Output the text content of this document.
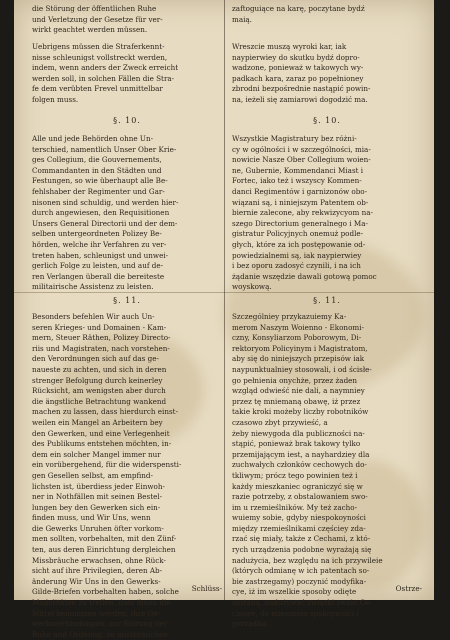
die Störung der öffentlichen Ruhe
und Verletzung der Gesetze für ver-
wirkt geachtet werden müssen.

Uebrigens müssen die Straferkennt-
nisse schleunigst vollstreckt werden,
indem, wenn anders der Zweck erreicht
werden soll, in solchen Fällen die Stra-
fe dem verübten Frevel unmittelbar
folgen muss.

§. 10.

Alle und jede Behörden ohne Un-
terschied, namentlich Unser Ober Krie-
ges Collegium, die Gouvernements,
Commandanten in den Städten und
Festungen, so wie überhaupt alle Be-
fehlshaber der Regimenter und Gar-
nisonen sind schuldig, und werden hier-
durch angewiesen, den Requisitionen
Unsers General Directorii und der dem-
selben untergeordneten Polizey Be-
hörden, welche ihr Verfahren zu ver-
treten haben, schleunigst und unwei-
gerlich Folge zu leisten, und auf de-
ren Verlangen überall die bereiteste
militairische Assistenz zu leisten.

§. 11.

Besonders befehlen Wir auch Un-
seren Krieges- und Domainen - Kam-
mern, Steuer Räthen, Polizey Directo-
riis und Magistraten, nach vorstehen-
den Verordnungen sich auf das ge-
naueste zu achten, und sich in deren
strenger Befolgung durch keinerley
Rücksicht, am wenigsten aber durch
die ängstliche Betrachtung wankend
machen zu lassen, dass hierdurch einst-
weilen ein Mangel an Arbeitern bey
den Gewerken, und eine Verlegenheit
des Publikums entstehen möchten, in-
dem ein solcher Mangel immer nur
ein vorübergehend, für die widerspensti-
gen Gesellen selbst, am empfind-
lichsten ist, überdiess jeder Einwoh-
ner in Nothfällen mit seinen Bestel-
lungen bey den Gewerken sich ein-
finden muss, und Wir Uns, wenn
die Gewerks Unruhen öfter vorkom-
men sollten, vorbehalten, mit den Zünf-
ten, aus deren Einrichtung dergleichen
Missbräuche erwachsen, ohne Rück-
sicht auf ihre Privilegien, deren Ab-
änderung Wir Uns in den Gewerks-
Gilde-Briefen vorbehalten haben, solche
Modalitäten zu treffen, dass ihnen die
Mittel benommen werden, ihre Ge-
werksverbindungen, zur Störung der
Ruhe und Ordnung, zu missbrauchen.

Schlüss-

zaftoguiące na karę, poczytane bydź
maią.

Wreszcie muszą wyroki kar, iak
naypierwiey do skutku bydź dopro-
wadzone, ponieważ w takowych wy-
padkach kara, zaraz po popełnioney
zbrodni bezpośrednie nastąpić powin-
na, ieżeli się zamiarowi dogodzić ma.

§. 10.

Wszystkie Magistratury bez różni-
cy w ogólności i w szczególności, mia-
nowicie Nasze Ober Collegium woien-
ne, Gubernie, Kommendanci Miast i
Fortec, iako też i wszyscy Kommen-
danci Regimentów i garnizonów obo-
wiązani są, i niniejszym Patentem ob-
biernie zalecone, aby rekwizycyom na-
szego Directorium generalnego i Ma-
gistratur Policyjnych onemuż podle-
głych, które za ich postępowanie od-
powiedzialnemi są, iak naypierwiey
i bez oporu zadosyć czynili, i na ich
żądanie wszędzie dawali gotową pomoc
woyskową.

§. 11.

Szczególniey przykazuiemy Ka-
merom Naszym Woienno - Ekonomi-
czny, Konsyliarzom Poborowym, Di-
rektoryom Policyinym i Magistratom,
aby się do niniejszych przepisów iak
naypunktualniey stosowali, i od ścisłe-
go pełnienia onychże, przez żaden
wzgląd odwieść nie dali, a naymniey
przez tę mniemaną obawę, iż przez
takie kroki możeby liczby robotników
czasowo zbyt przywieść, a
żeby niewygoda dla publiczności na-
stąpić, ponieważ brak takowy tylko
przemijającym iest, a nayhardziey dla
zuchwałych członków cechowych do-
tkliwym; prócz tego powinien też i
każdy mieszkaniec ograniczyć się w
razie potrzeby, z obstalowaniem swo-
im u rzemieślników. My też zacho-
wuiemy sobie, gdyby niespokoyności
między rzemieślnikami częściey zda-
rzać się miały, także z Cechami, z któ-
rych urządzenia podobne wyrażają się
nadużycia, bez względu na ich przywileie
(których odmianę w ich patentach so-
bie zastrzegamy) poczynić modyfika-
cye, iż im wszelkie sposoby odięte
zostaną, nadużywać związki swoie Ce-
chowe, do mieszania spokoyności i
porządku.

Ostrze-
